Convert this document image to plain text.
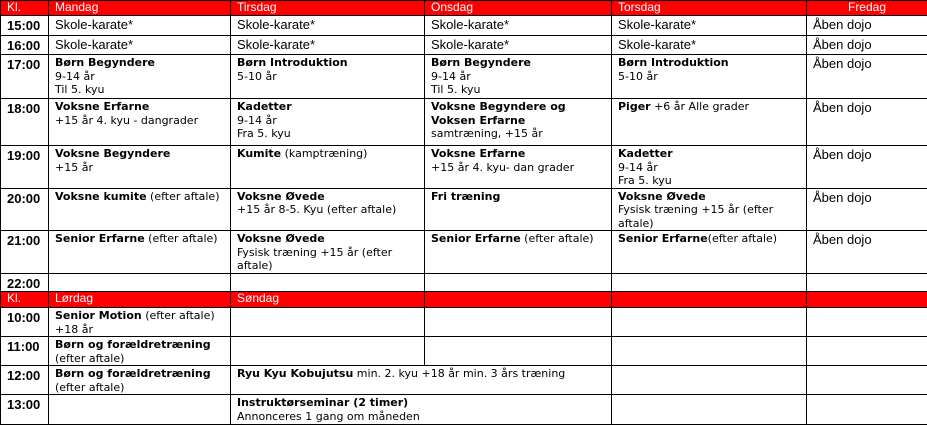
Kl.	Mandag	Tirsdag	Onsdag	Torsdag	Fredag
15:00	Skole-karate*	Skole-karate*	Skole-karate*	Skole-karate*	Åben dojo
16:00	Skole-karate*	Skole-karate*	Skole-karate*	Skole-karate*	Åben dojo
17:00	Børn Begyndere
9-14 år
Til 5. kyu	Børn Introduktion
5-10 år	Børn Begyndere
9-14 år
Til 5. kyu	Børn Introduktion
5-10 år	Åben dojo
18:00	Voksne Erfarne
+15 år 4. kyu - dangrader	Kadetter
9-14 år
Fra 5. kyu	Voksne Begyndere og
Voksen Erfarne
samtræning, +15 år	Piger +6 år Alle grader	Åben dojo
19:00	Voksne Begyndere
+15 år	Kumite (kamptræning)	Voksne Erfarne
+15 år 4. kyu- dan grader	Kadetter
9-14 år
Fra 5. kyu	Åben dojo
20:00	Voksne kumite (efter aftale)	Voksne Øvede
+15 år 8-5. Kyu (efter aftale)	Fri træning	Voksne Øvede
Fysisk træning +15 år (efter
aftale)	Åben dojo
21:00	Senior Erfarne (efter aftale)	Voksne Øvede
Fysisk træning +15 år (efter
aftale)	Senior Erfarne (efter aftale)	Senior Erfarne(efter aftale)	Åben dojo
22:00					
Kl.	Lørdag	Søndag			
10:00	Senior Motion (efter aftale)
+18 år				

11:00	Børn og forældretræning
(efter aftale)				

12:00	Børn og forældretræning
(efter aftale)	Ryu Kyu Kobujutsu min. 2. kyu +18 år min. 3 års træning			

13:00		Instruktørseminar (2 timer)
Annonceres 1 gang om måneden			
